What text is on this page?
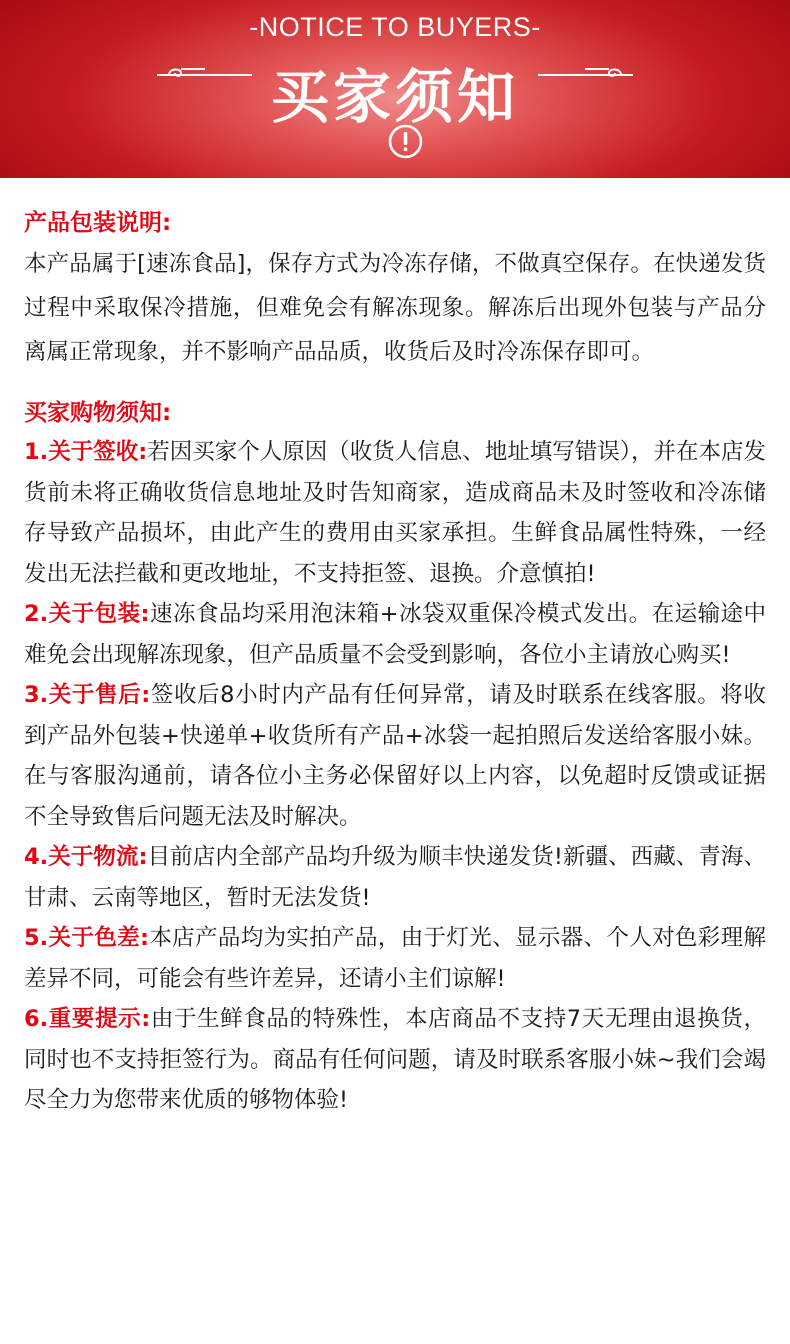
-NOTICE TO BUYERS-
买家须知
产品包装说明:
本产品属于[速冻食品]，保存方式为冷冻存储，不做真空保存。在快递发货过程中采取保冷措施，但难免会有解冻现象。解冻后出现外包装与产品分离属正常现象，并不影响产品品质，收货后及时冷冻保存即可。
买家购物须知:
1.关于签收:若因买家个人原因（收货人信息、地址填写错误），并在本店发货前未将正确收货信息地址及时告知商家，造成商品未及时签收和冷冻储存导致产品损坏，由此产生的费用由买家承担。生鲜食品属性特殊，一经发出无法拦截和更改地址，不支持拒签、退换。介意慎拍!
2.关于包装:速冻食品均采用泡沫箱+冰袋双重保冷模式发出。在运输途中难免会出现解冻现象，但产品质量不会受到影响，各位小主请放心购买!
3.关于售后:签收后8小时内产品有任何异常，请及时联系在线客服。将收到产品外包装+快递单+收货所有产品+冰袋一起拍照后发送给客服小妹。在与客服沟通前，请各位小主务必保留好以上内容，以免超时反馈或证据不全导致售后问题无法及时解决。
4.关于物流:目前店内全部产品均升级为顺丰快递发货!新疆、西藏、青海、甘肃、云南等地区，暂时无法发货!
5.关于色差:本店产品均为实拍产品，由于灯光、显示器、个人对色彩理解差异不同，可能会有些许差异，还请小主们谅解!
6.重要提示:由于生鲜食品的特殊性，本店商品不支持7天无理由退换货，同时也不支持拒签行为。商品有任何问题，请及时联系客服小妹~我们会竭尽全力为您带来优质的够物体验!
